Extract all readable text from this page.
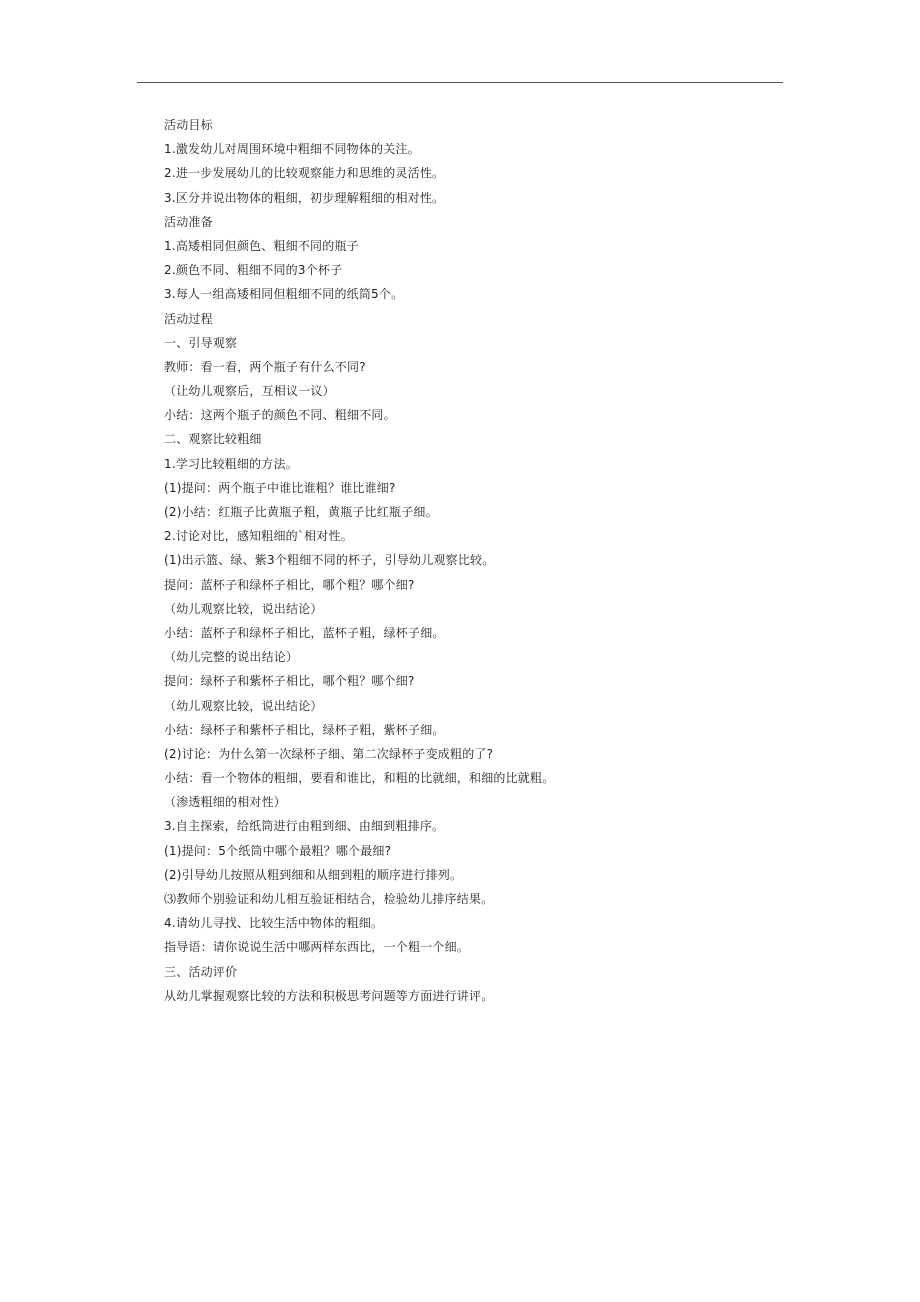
活动目标
1.激发幼儿对周围环境中粗细不同物体的关注。
2.进一步发展幼儿的比较观察能力和思维的灵活性。
3.区分并说出物体的粗细，初步理解粗细的相对性。
活动准备
1.高矮相同但颜色、粗细不同的瓶子
2.颜色不同、粗细不同的3个杯子
3.每人一组高矮相同但粗细不同的纸筒5个。
活动过程
一、引导观察
教师：看一看，两个瓶子有什么不同?
（让幼儿观察后，互相议一议）
小结：这两个瓶子的颜色不同、粗细不同。
二、观察比较粗细
1.学习比较粗细的方法。
(1)提问：两个瓶子中谁比谁粗？谁比谁细?
(2)小结：红瓶子比黄瓶子粗，黄瓶子比红瓶子细。
2.讨论对比，感知粗细的`相对性。
(1)出示篮、绿、紫3个粗细不同的杯子，引导幼儿观察比较。
提问：蓝杯子和绿杯子相比，哪个粗？哪个细?
（幼儿观察比较，说出结论）
小结：蓝杯子和绿杯子相比，蓝杯子粗，绿杯子细。
（幼儿完整的说出结论）
提问：绿杯子和紫杯子相比，哪个粗？哪个细?
（幼儿观察比较，说出结论）
小结：绿杯子和紫杯子相比，绿杯子粗，紫杯子细。
(2)讨论：为什么第一次绿杯子细、第二次绿杯子变成粗的了?
小结：看一个物体的粗细，要看和谁比，和粗的比就细，和细的比就粗。
（渗透粗细的相对性）
3.自主探索，给纸筒进行由粗到细、由细到粗排序。
(1)提问：5个纸筒中哪个最粗？哪个最细?
(2)引导幼儿按照从粗到细和从细到粗的顺序进行排列。
⑶教师个别验证和幼儿相互验证相结合，检验幼儿排序结果。
4.请幼儿寻找、比较生活中物体的粗细。
指导语：请你说说生活中哪两样东西比，一个粗一个细。
三、活动评价
从幼儿掌握观察比较的方法和积极思考问题等方面进行讲评。
